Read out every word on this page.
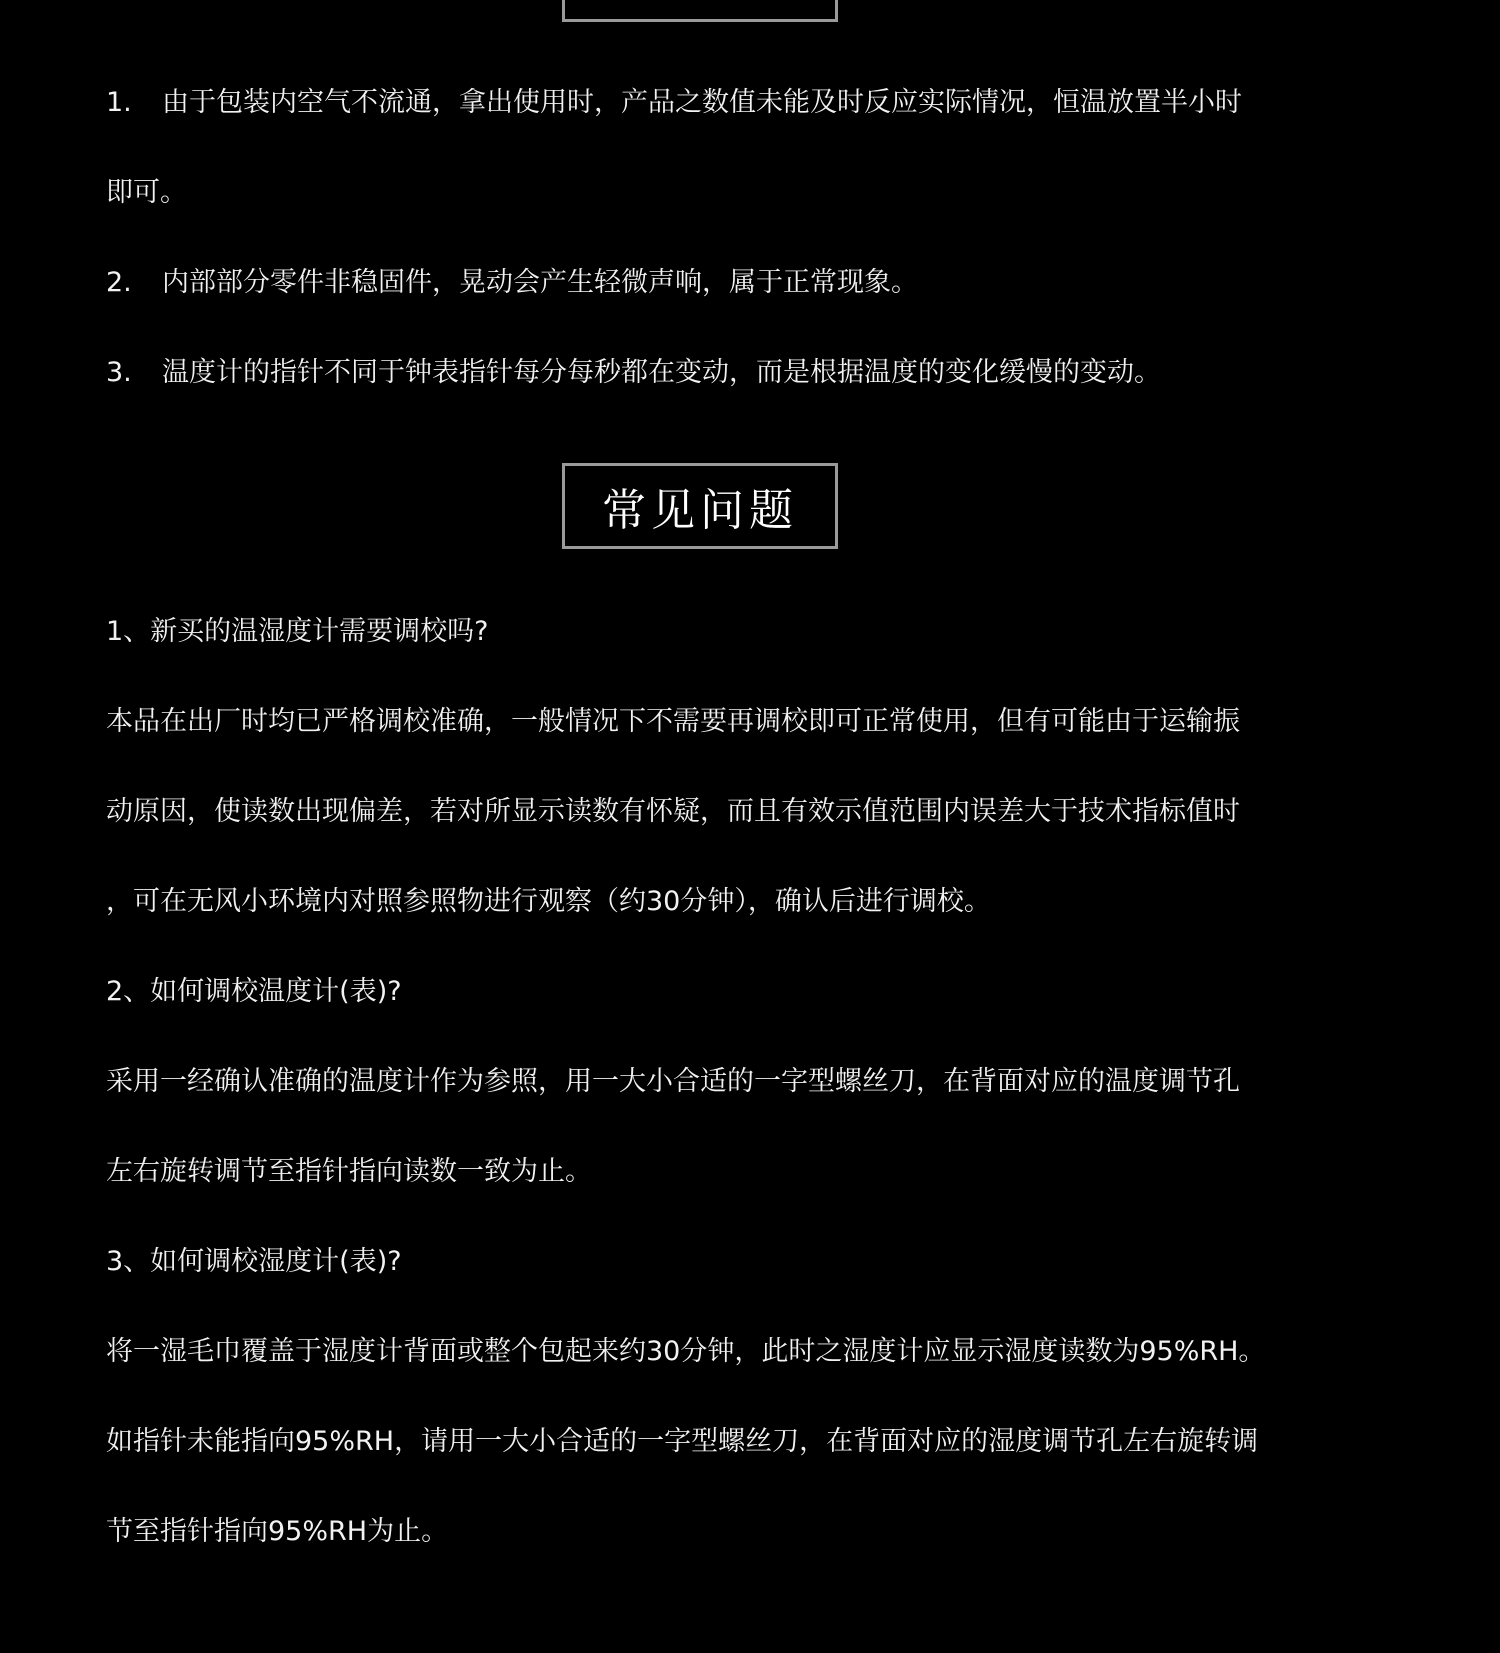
1. 由于包装内空气不流通，拿出使用时，产品之数值未能及时反应实际情况，恒温放置半小时
即可。
2. 内部部分零件非稳固件，晃动会产生轻微声响，属于正常现象。
3. 温度计的指针不同于钟表指针每分每秒都在变动，而是根据温度的变化缓慢的变动。
常见问题
1、新买的温湿度计需要调校吗?
本品在出厂时均已严格调校准确，一般情况下不需要再调校即可正常使用，但有可能由于运输振
动原因，使读数出现偏差，若对所显示读数有怀疑，而且有效示值范围内误差大于技术指标值时
，可在无风小环境内对照参照物进行观察（约30分钟），确认后进行调校。
2、如何调校温度计(表)?
采用一经确认准确的温度计作为参照，用一大小合适的一字型螺丝刀，在背面对应的温度调节孔
左右旋转调节至指针指向读数一致为止。
3、如何调校湿度计(表)?
将一湿毛巾覆盖于湿度计背面或整个包起来约30分钟，此时之湿度计应显示湿度读数为95%RH。
如指针未能指向95%RH，请用一大小合适的一字型螺丝刀，在背面对应的湿度调节孔左右旋转调
节至指针指向95%RH为止。
